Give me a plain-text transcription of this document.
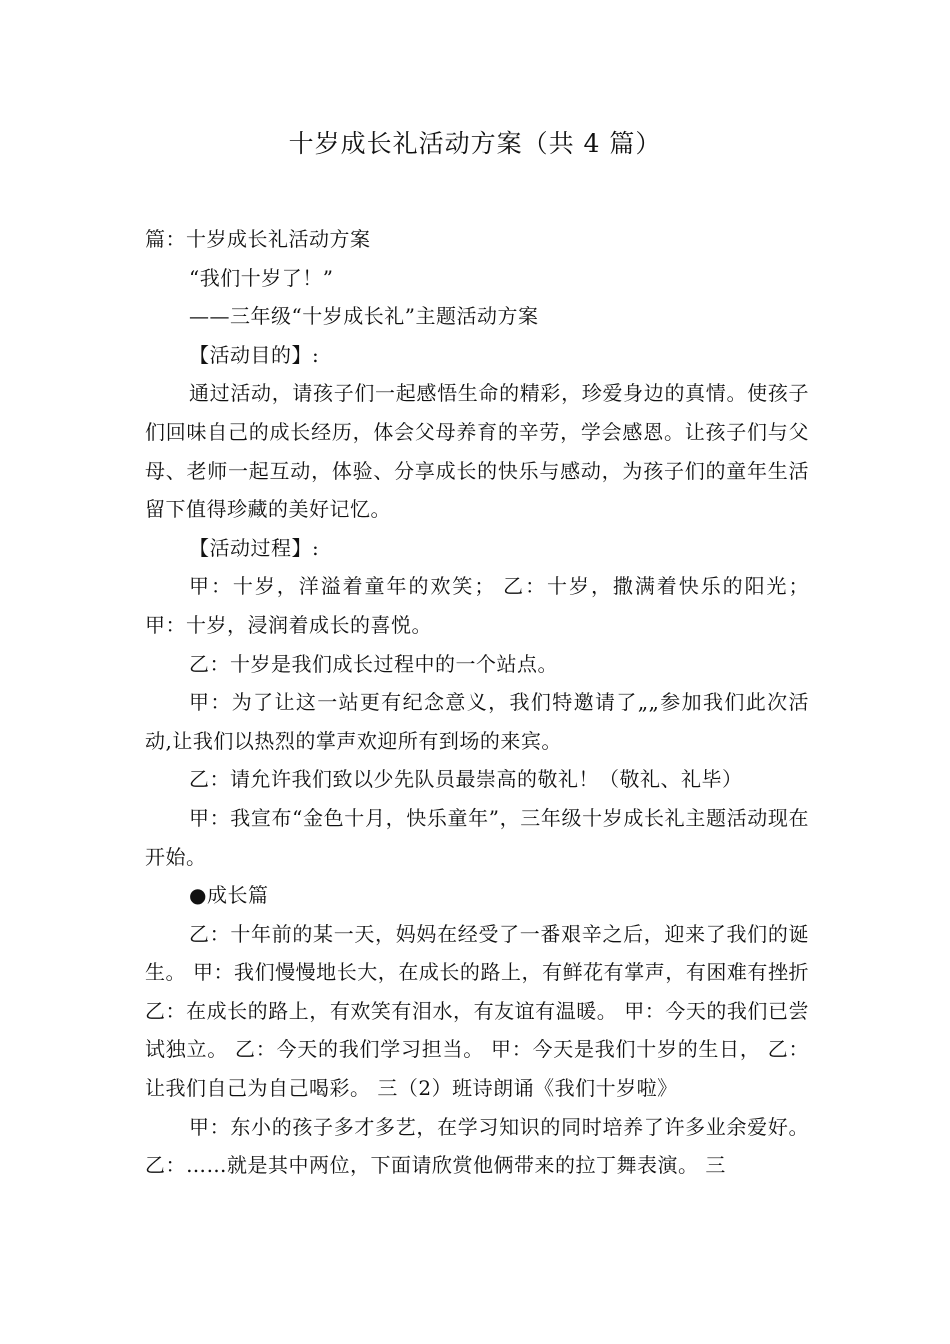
十岁成长礼活动方案（共 4 篇）

篇：十岁成长礼活动方案

“我们十岁了！”

——三年级“十岁成长礼”主题活动方案

【活动目的】:

通过活动，请孩子们一起感悟生命的精彩，珍爱身边的真情。使孩子们回味自己的成长经历，体会父母养育的辛劳，学会感恩。让孩子们与父母、老师一起互动，体验、分享成长的快乐与感动，为孩子们的童年生活留下值得珍藏的美好记忆。

【活动过程】:

甲：十岁，洋溢着童年的欢笑； 乙：十岁，撒满着快乐的阳光；甲：十岁，浸润着成长的喜悦。

乙：十岁是我们成长过程中的一个站点。

甲：为了让这一站更有纪念意义，我们特邀请了„„参加我们此次活动,让我们以热烈的掌声欢迎所有到场的来宾。

乙：请允许我们致以少先队员最崇高的敬礼！（敬礼、礼毕）

甲：我宣布“金色十月，快乐童年”，三年级十岁成长礼主题活动现在开始。

●成长篇

乙：十年前的某一天，妈妈在经受了一番艰辛之后，迎来了我们的诞生。 甲：我们慢慢地长大，在成长的路上，有鲜花有掌声，有困难有挫折 乙：在成长的路上，有欢笑有泪水，有友谊有温暖。 甲：今天的我们已尝试独立。 乙：今天的我们学习担当。 甲：今天是我们十岁的生日， 乙：让我们自己为自己喝彩。 三（2）班诗朗诵《我们十岁啦》

甲：东小的孩子多才多艺，在学习知识的同时培养了许多业余爱好。 乙：……就是其中两位，下面请欣赏他俩带来的拉丁舞表演。 三
